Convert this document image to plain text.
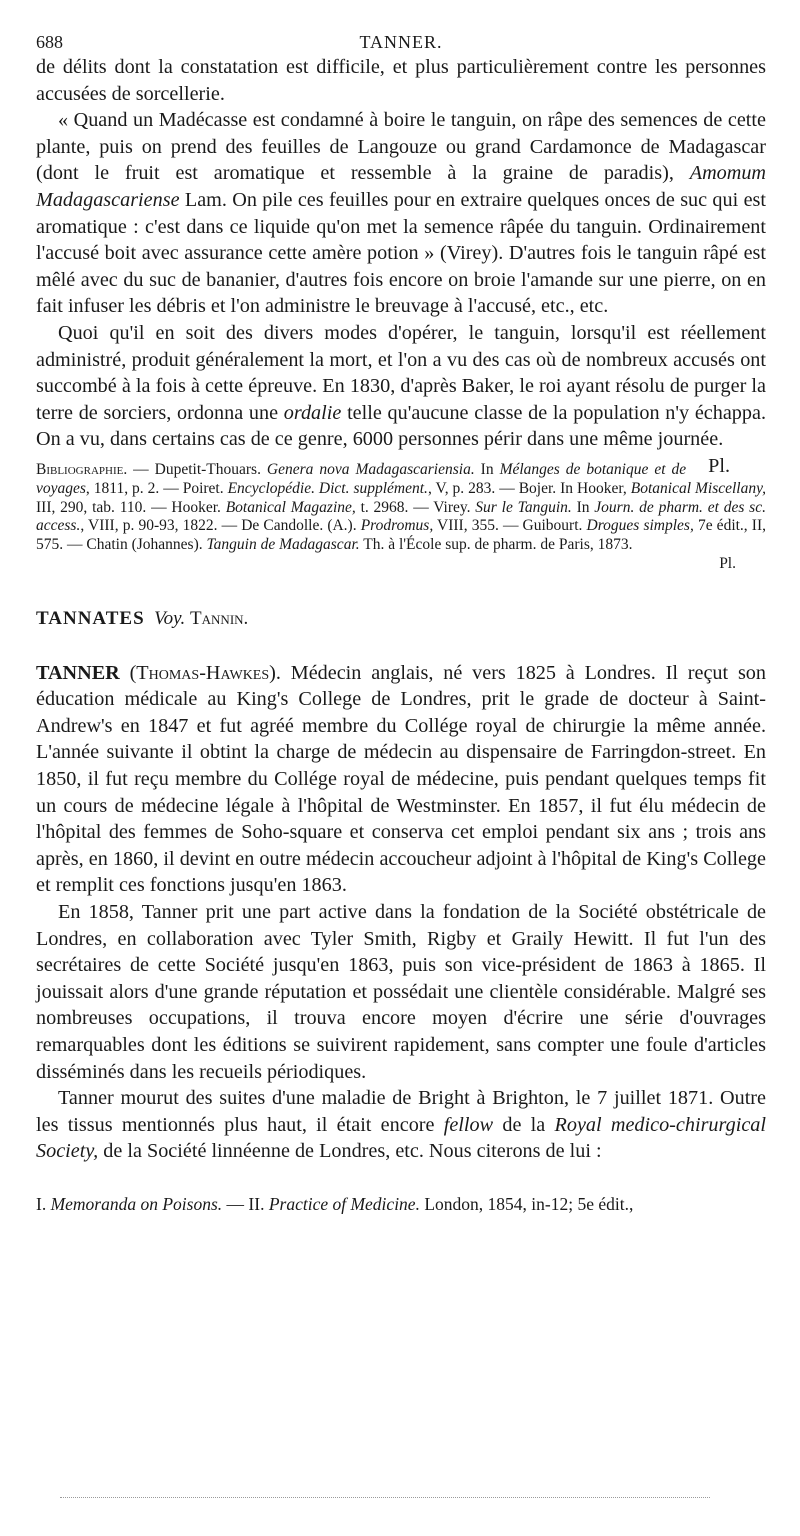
688	TANNER.

de délits dont la constatation est difficile, et plus particulièrement contre les personnes accusées de sorcellerie.

« Quand un Madécasse est condamné à boire le tanguin, on râpe des semences de cette plante, puis on prend des feuilles de Langouze ou grand Cardamonce de Madagascar (dont le fruit est aromatique et ressemble à la graine de paradis), Amomum Madagascariense Lam. On pile ces feuilles pour en extraire quelques onces de suc qui est aromatique : c'est dans ce liquide qu'on met la semence râpée du tanguin. Ordinairement l'accusé boit avec assurance cette amère potion » (Virey). D'autres fois le tanguin râpé est mêlé avec du suc de bananier, d'autres fois encore on broie l'amande sur une pierre, on en fait infuser les débris et l'on administre le breuvage à l'accusé, etc., etc.

Quoi qu'il en soit des divers modes d'opérer, le tanguin, lorsqu'il est réellement administré, produit généralement la mort, et l'on a vu des cas où de nombreux accusés ont succombé à la fois à cette épreuve. En 1830, d'après Baker, le roi ayant résolu de purger la terre de sorciers, ordonna une ordalie telle qu'aucune classe de la population n'y échappa. On a vu, dans certains cas de ce genre, 6000 personnes périr dans une même journée.
Pl.

Bibliographie. — Dupetit-Thouars. Genera nova Madagascariensia. In Mélanges de botanique et de voyages, 1811, p. 2. — Poiret. Encyclopédie. Dict. supplément., V, p. 283. — Bojer. In Hooker, Botanical Miscellany, III, 290, tab. 110. — Hooker. Botanical Magazine, t. 2968. — Virey. Sur le Tanguin. In Journ. de pharm. et des sc. access., VIII, p. 90-93, 1822. — De Candolle. (A.). Prodromus, VIII, 355. — Guibourt. Drogues simples, 7e édit., II, 575. — Chatin (Johannes). Tanguin de Madagascar. Th. à l'École sup. de pharm. de Paris, 1873.
Pl.
TANNATES Voy. Tannin.

TANNER (Thomas-Hawkes). Médecin anglais, né vers 1825 à Londres. Il reçut son éducation médicale au King's College de Londres, prit le grade de docteur à Saint-Andrew's en 1847 et fut agréé membre du Collége royal de chirurgie la même année. L'année suivante il obtint la charge de médecin au dispensaire de Farringdon-street. En 1850, il fut reçu membre du Collége royal de médecine, puis pendant quelques temps fit un cours de médecine légale à l'hôpital de Westminster. En 1857, il fut élu médecin de l'hôpital des femmes de Soho-square et conserva cet emploi pendant six ans ; trois ans après, en 1860, il devint en outre médecin accoucheur adjoint à l'hôpital de King's College et remplit ces fonctions jusqu'en 1863.

En 1858, Tanner prit une part active dans la fondation de la Société obstétricale de Londres, en collaboration avec Tyler Smith, Rigby et Graily Hewitt. Il fut l'un des secrétaires de cette Société jusqu'en 1863, puis son vice-président de 1863 à 1865. Il jouissait alors d'une grande réputation et possédait une clientèle considérable. Malgré ses nombreuses occupations, il trouva encore moyen d'écrire une série d'ouvrages remarquables dont les éditions se suivirent rapidement, sans compter une foule d'articles disséminés dans les recueils périodiques.

Tanner mourut des suites d'une maladie de Bright à Brighton, le 7 juillet 1871. Outre les tissus mentionnés plus haut, il était encore fellow de la Royal medico-chirurgical Society, de la Société linnéenne de Londres, etc. Nous citerons de lui :

I. Memoranda on Poisons. — II. Practice of Medicine. London, 1854, in-12; 5e édit.,
